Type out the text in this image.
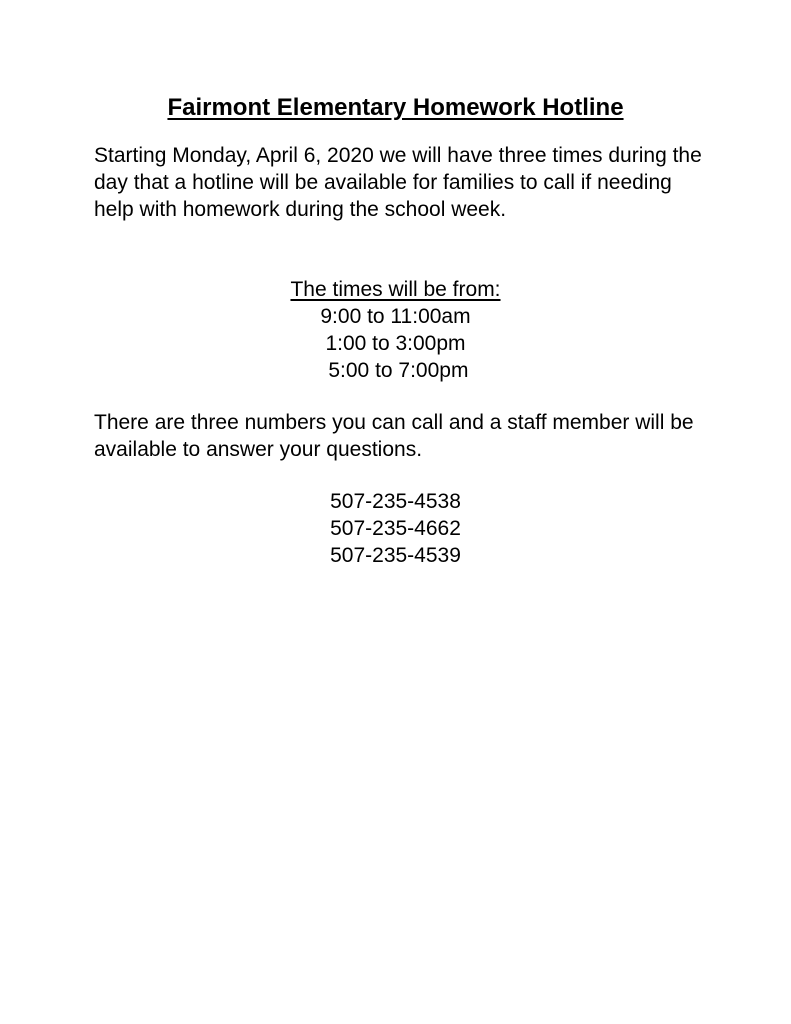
Fairmont Elementary Homework Hotline

Starting Monday, April 6, 2020 we will have three times during the day that a hotline will be available for families to call if needing help with homework during the school week.

The times will be from:
9:00 to 11:00am
1:00 to 3:00pm
5:00 to 7:00pm

There are three numbers you can call and a staff member will be available to answer your questions.

507-235-4538
507-235-4662
507-235-4539
